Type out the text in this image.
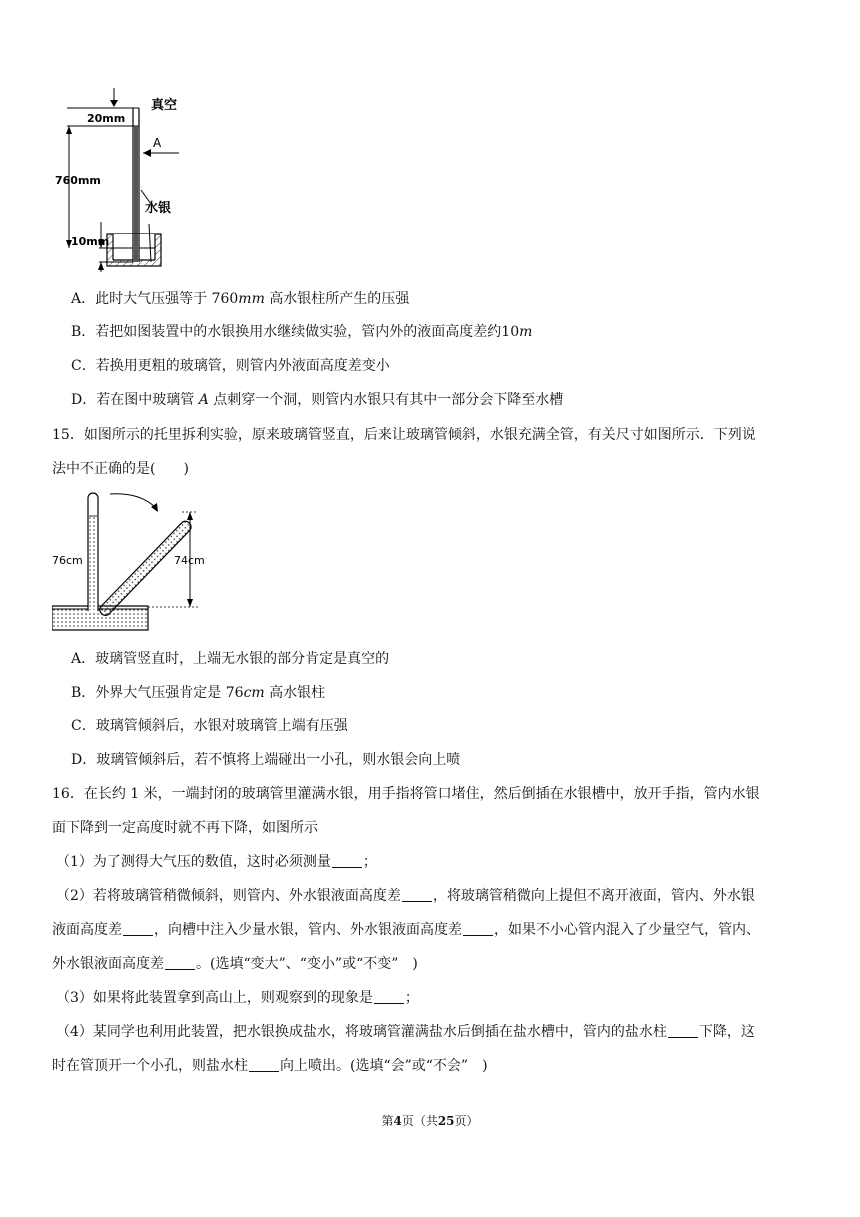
真空
20mm
A
760mm
水银
10mm
A．此时大气压强等于 760mm 高水银柱所产生的压强
B．若把如图装置中的水银换用水继续做实验，管内外的液面高度差约10m
C．若换用更粗的玻璃管，则管内外液面高度差变小
D．若在图中玻璃管 A 点刺穿一个洞，则管内水银只有其中一部分会下降至水槽
15．如图所示的托里拆利实验，原来玻璃管竖直，后来让玻璃管倾斜，水银充满全管，有关尺寸如图所示．下列说
法中不正确的是(　　)
76cm	74cm
A．玻璃管竖直时，上端无水银的部分肯定是真空的
B．外界大气压强肯定是 76cm 高水银柱
C．玻璃管倾斜后，水银对玻璃管上端有压强
D．玻璃管倾斜后，若不慎将上端碰出一小孔，则水银会向上喷
16．在长约 1 米，一端封闭的玻璃管里灌满水银，用手指将管口堵住，然后倒插在水银槽中，放开手指，管内水银
面下降到一定高度时就不再下降，如图所示
（1）为了测得大气压的数值，这时必须测量 ；
（2）若将玻璃管稍微倾斜，则管内、外水银液面高度差 ，将玻璃管稍微向上提但不离开液面，管内、外水银
液面高度差 ，向槽中注入少量水银，管内、外水银液面高度差 ，如果不小心管内混入了少量空气，管内、
外水银液面高度差 。(选填“变大”、“变小”或“不变”　)
（3）如果将此装置拿到高山上，则观察到的现象是 ；
（4）某同学也利用此装置，把水银换成盐水，将玻璃管灌满盐水后倒插在盐水槽中，管内的盐水柱 下降，这
时在管顶开一个小孔，则盐水柱 向上喷出。(选填“会”或“不会”　)
第4页（共25页）
